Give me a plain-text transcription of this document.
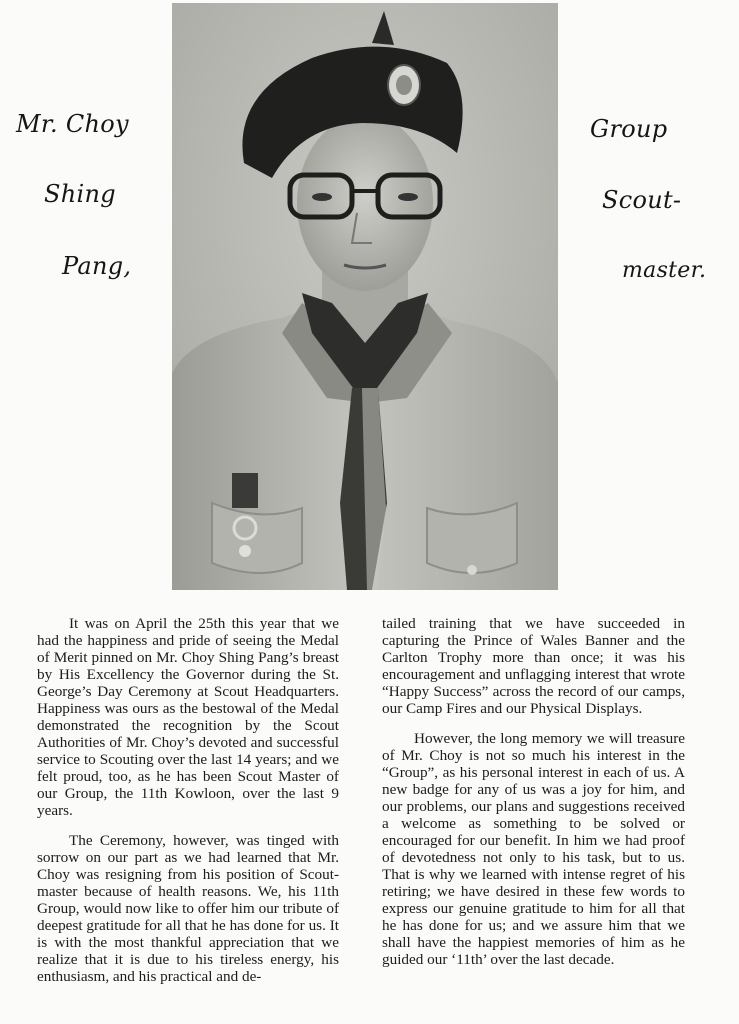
Mr. Choy
Shing
Pang,
Group
Scout-
master.

It was on April the 25th this year that we had the happiness and pride of seeing the Medal of Merit pinned on Mr. Choy Shing Pang’s breast by His Excellency the Governor during the St. George’s Day Ceremony at Scout Headquarters. Happiness was ours as the bestowal of the Medal demonstrated the recognition by the Scout Authorities of Mr. Choy’s devoted and successful service to Scouting over the last 14 years; and we felt proud, too, as he has been Scout Master of our Group, the 11th Kowloon, over the last 9 years.

The Ceremony, however, was tinged with sorrow on our part as we had learned that Mr. Choy was resigning from his position of Scout-master because of health reasons. We, his 11th Group, would now like to offer him our tribute of deepest gratitude for all that he has done for us. It is with the most thankful appreciation that we realize that it is due to his tireless energy, his enthusiasm, and his practical and de-

tailed training that we have succeeded in capturing the Prince of Wales Banner and the Carlton Trophy more than once; it was his encouragement and unflagging interest that wrote “Happy Success” across the record of our camps, our Camp Fires and our Physical Displays.

However, the long memory we will treasure of Mr. Choy is not so much his interest in the “Group”, as his personal interest in each of us. A new badge for any of us was a joy for him, and our problems, our plans and suggestions received a welcome as something to be solved or encouraged for our benefit. In him we had proof of devotedness not only to his task, but to us. That is why we learned with intense regret of his retiring; we have desired in these few words to express our genuine gratitude to him for all that he has done for us; and we assure him that we shall have the happiest memories of him as he guided our ‘11th’ over the last decade.
